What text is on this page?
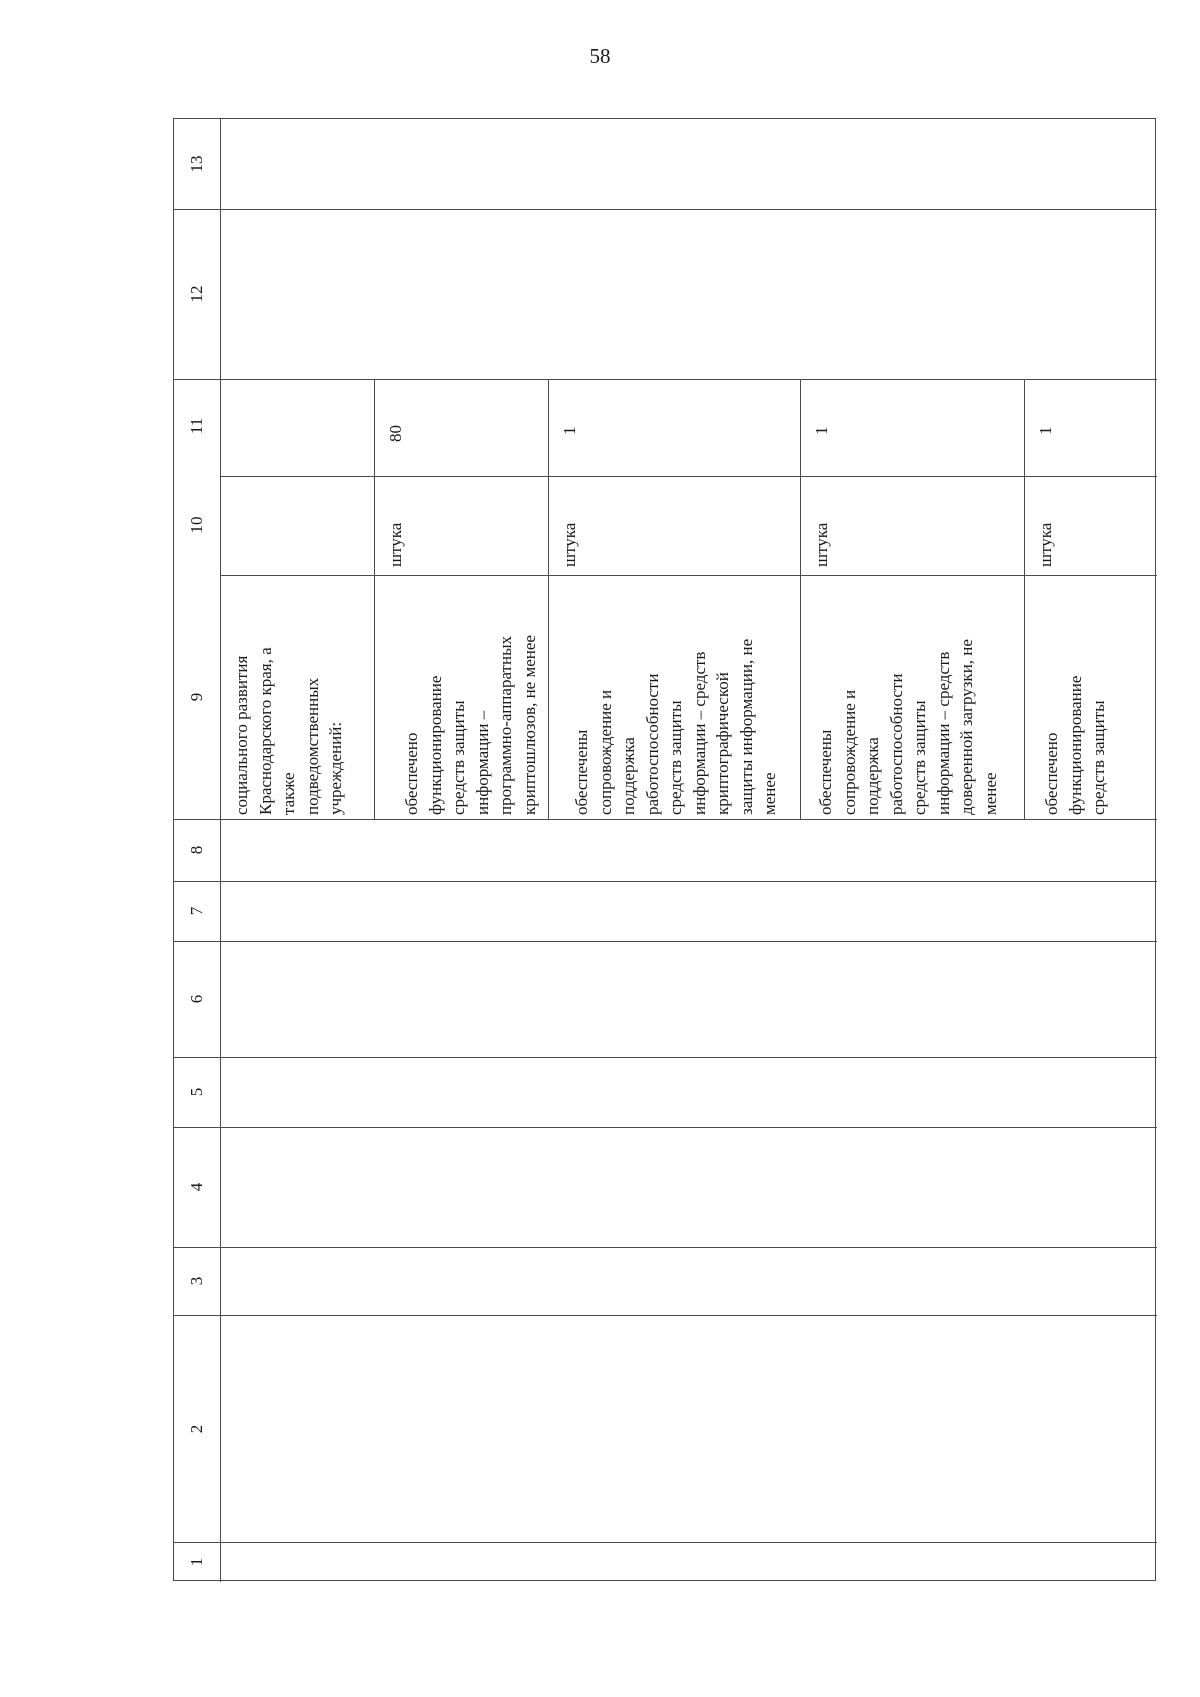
58
13
12
11
10
9
8
7
6
5
4
3
2
1
социального развития
Краснодарского края, а
также
подведомственных
учреждений:	обеспечено
функционирование
средств защиты
информации –
программно-аппаратных
криптошлюзов, не менее
штука
80
обеспечены
сопровождение и
поддержка
работоспособности
средств защиты
информации – средств
криптографической
защиты информации, не
менее
штука
1
обеспечены
сопровождение и
поддержка
работоспособности
средств защиты
информации – средств
доверенной загрузки, не
менее
штука
1
обеспечено
функционирование
средств защиты
штука
1
